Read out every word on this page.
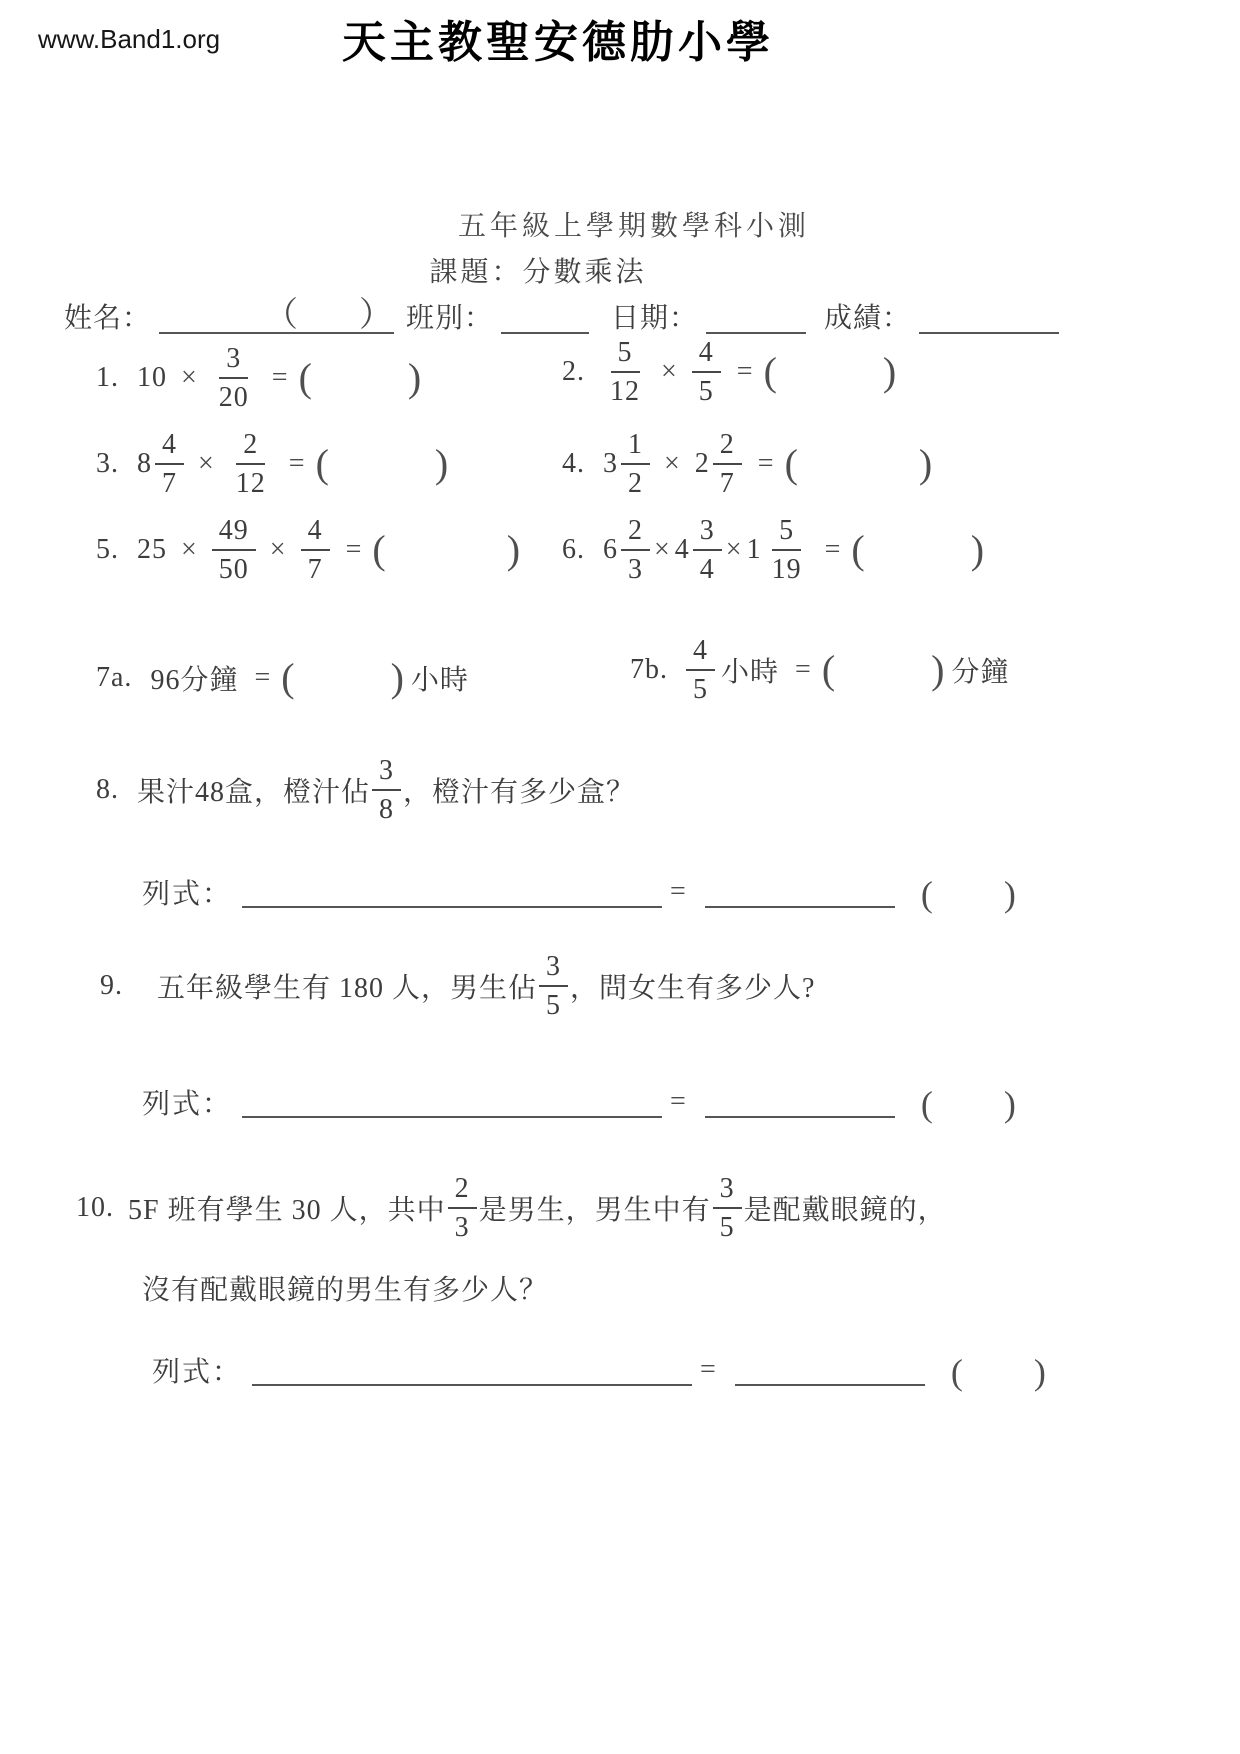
www.Band1.org	天主教聖安德肋小學
五年級上學期數學科小測
課題：分數乘法
姓名：	（ ） 班別：	日期：	成績：
1. $10 \times \frac{3}{20}$ = ( )	2. $\frac{5}{12} \times \frac{4}{5}$ = (	)
3. $8 \frac{4}{7} \times \frac{2}{12}$ = (	)	4. $3 \frac{1}{2} \times 2 \frac{2}{7}$ = (	)
5. $25 \times \frac{49}{50} \times \frac{4}{7}$ = (	) 6. $6 \frac{2}{3} \times 4 \frac{3}{4} \times 1 \frac{5}{19}$ = (	)
7a. 96分鐘 = ( ) 小時	7b. $\frac{4}{5}$ 小時 = ( ) 分鐘
8. 果汁48盒，橙汁佔 $\frac{3}{8}$ ，橙汁有多少盒？
列式：	=	( )
9. 五年級學生有 180 人，男生佔 $\frac{3}{5}$ ，問女生有多少人?
列式：	=	( )
10. 5F 班有學生 30 人，共中 $\frac{2}{3}$ 是男生，男生中有 $\frac{3}{5}$ 是配戴眼鏡的，
沒有配戴眼鏡的男生有多少人？
列式：	=	( )
